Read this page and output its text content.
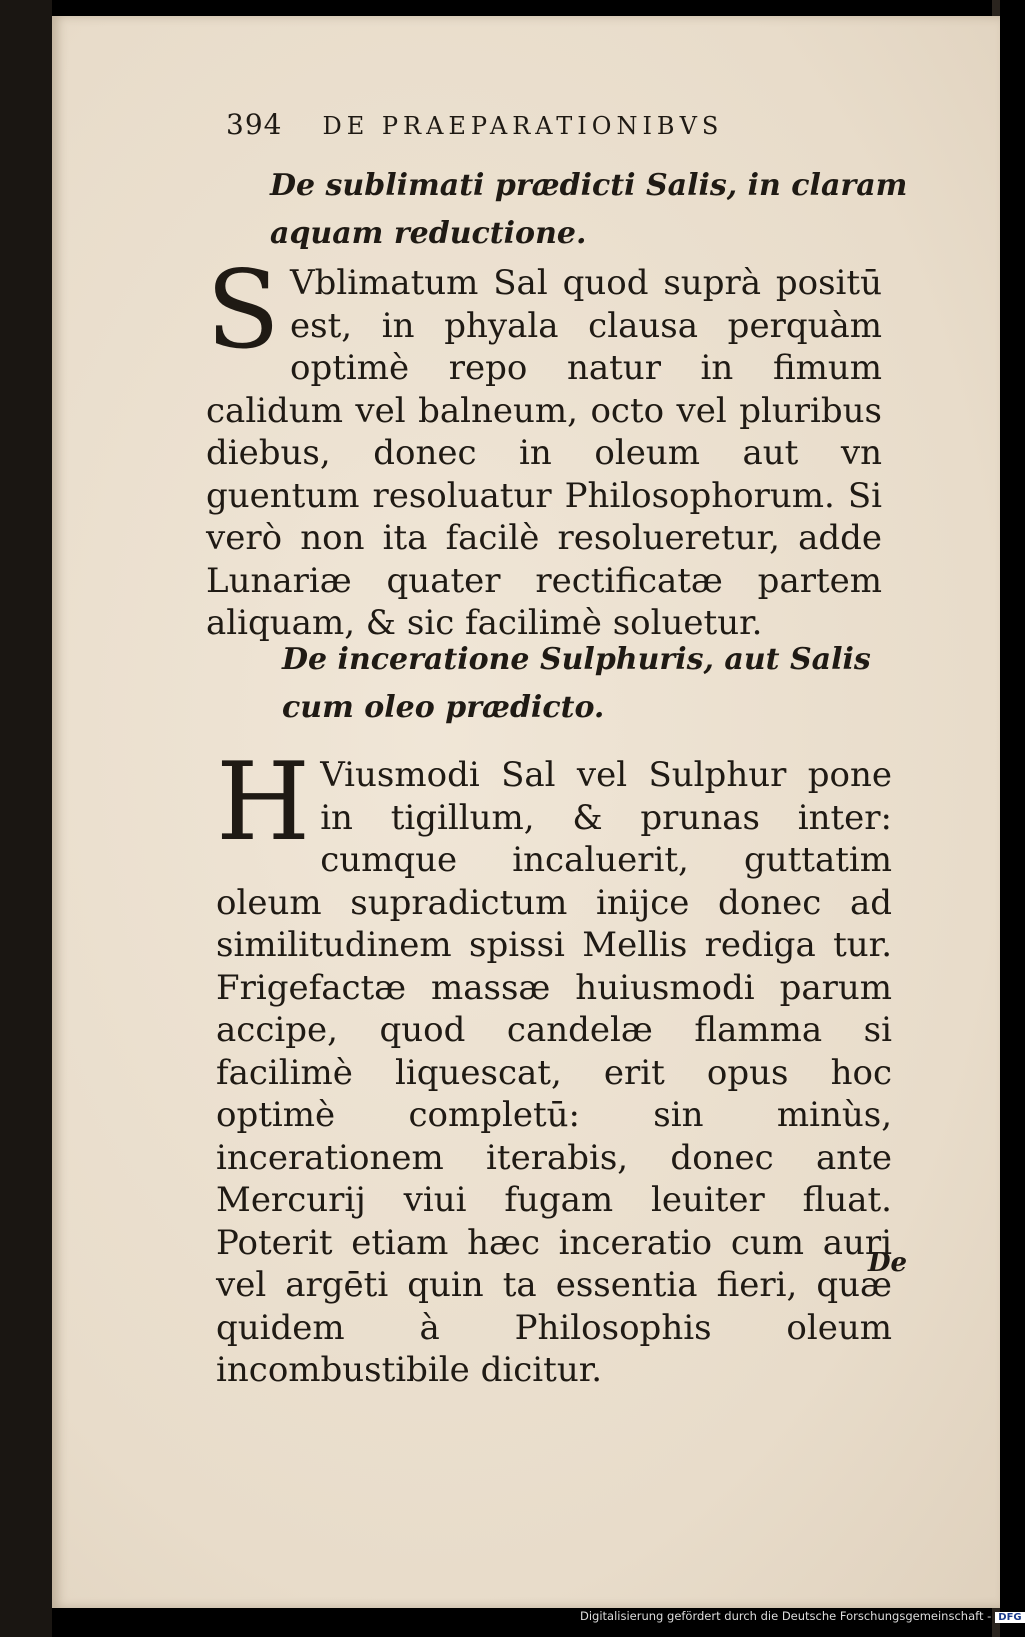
394 DE PRAEPARATIONIBVS
De sublimati prædicti Salis, in claram aquam reductione.
S Vblimatum Sal quod suprà positū est, in phyala clausa perquàm optimè repo natur in fimum calidum vel balneum, octo vel pluribus diebus, donec in oleum aut vn guentum resoluatur Philosophorum. Si verò non ita facilè resolueretur, adde Lunariæ quater rectificatæ partem aliquam, & sic facilimè soluetur.
De inceratione Sulphuris, aut Salis cum oleo prædicto.
H Viusmodi Sal vel Sulphur pone in tigillum, & prunas inter: cumque incaluerit, guttatim oleum supradictum inijce donec ad similitudinem spissi Mellis rediga tur. Frigefactæ massæ huiusmodi parum accipe, quod candelæ flamma si facilimè liquescat, erit opus hoc optimè completū: sin minùs, incerationem iterabis, donec ante Mercurij viui fugam leuiter fluat. Poterit etiam hæc inceratio cum auri vel argēti quin ta essentia fieri, quæ quidem à Philosophis oleum incombustibile dicitur.
De
Digitalisierung gefördert durch die Deutsche Forschungsgemeinschaft - DFG
